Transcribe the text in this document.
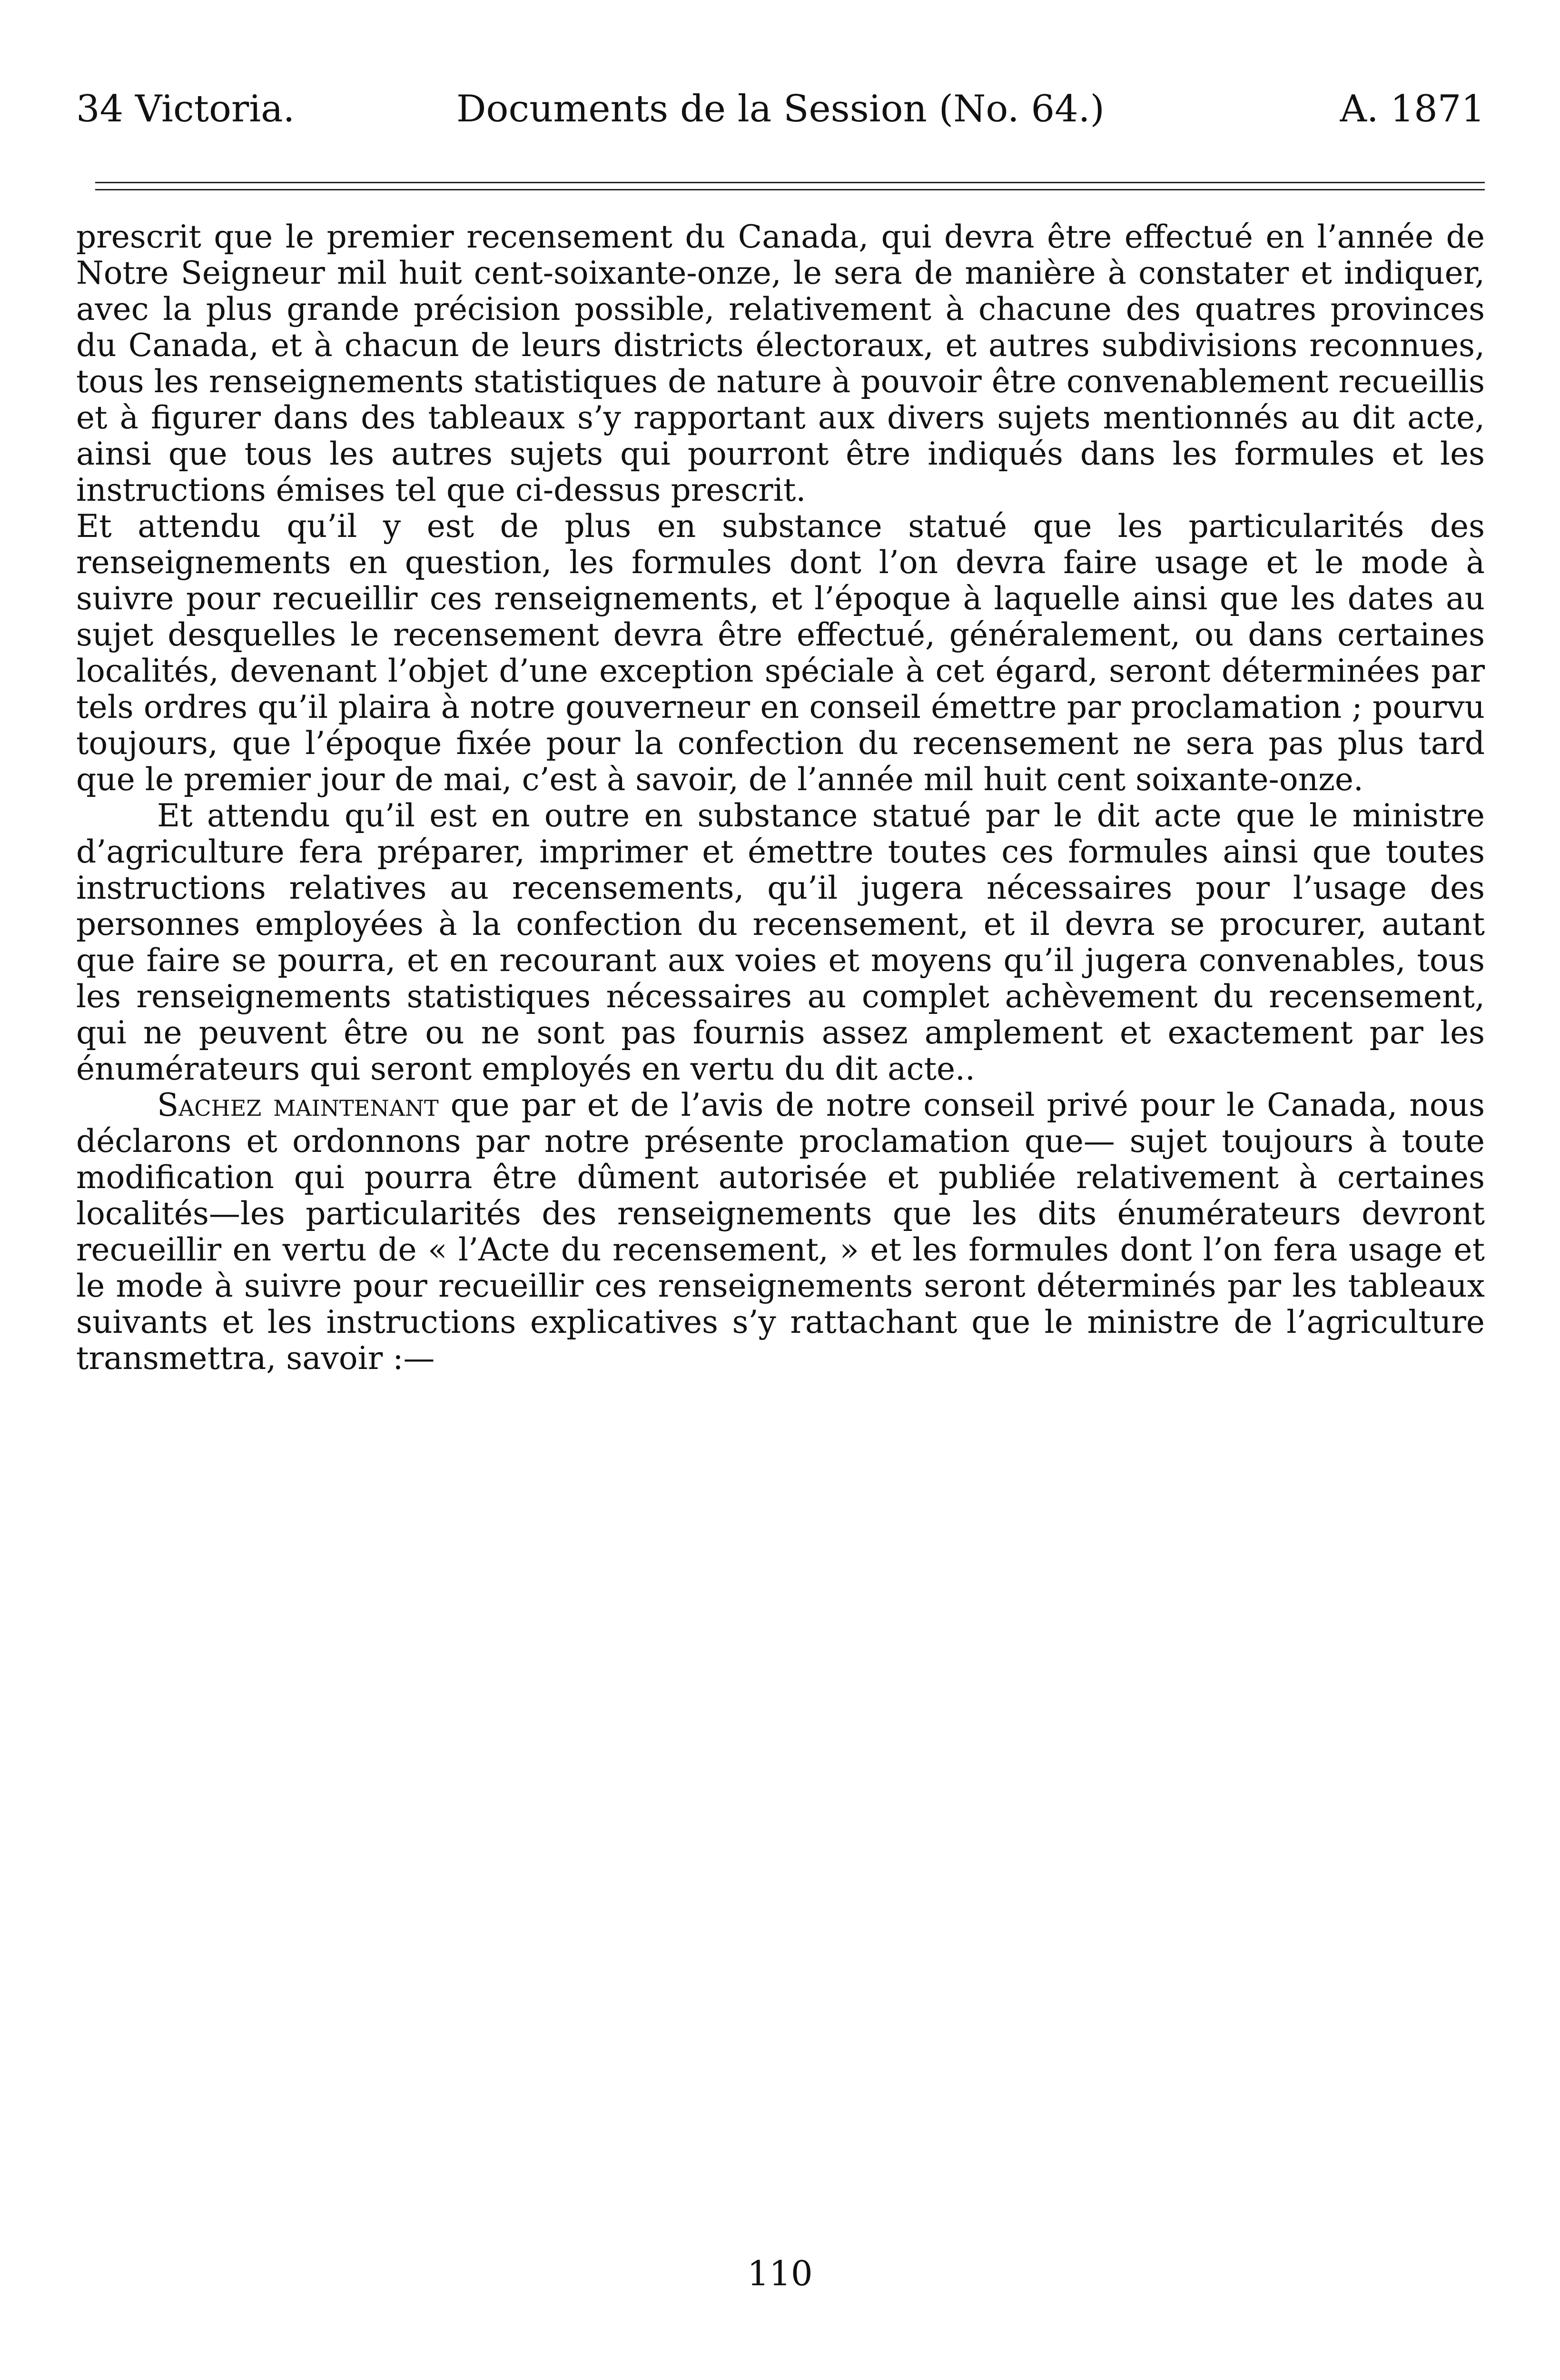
34 Victoria.	Documents de la Session (No. 64.)	A. 1871

prescrit que le premier recensement du Canada, qui devra être effectué en l’année de Notre Seigneur mil huit cent-soixante-onze, le sera de manière à constater et indiquer, avec la plus grande précision possible, relativement à chacune des quatres provinces du Canada, et à chacun de leurs districts électoraux, et autres subdivisions reconnues, tous les renseignements statistiques de nature à pouvoir être convenablement recueillis et à figurer dans des tableaux s’y rapportant aux divers sujets mentionnés au dit acte, ainsi que tous les autres sujets qui pourront être indiqués dans les formules et les instructions émises tel que ci-dessus prescrit.

Et attendu qu’il y est de plus en substance statué que les particularités des renseignements en question, les formules dont l’on devra faire usage et le mode à suivre pour recueillir ces renseignements, et l’époque à laquelle ainsi que les dates au sujet desquelles le recensement devra être effectué, généralement, ou dans certaines localités, devenant l’objet d’une exception spéciale à cet égard, seront déterminées par tels ordres qu’il plaira à notre gouverneur en conseil émettre par proclamation ; pourvu toujours, que l’époque fixée pour la confection du recensement ne sera pas plus tard que le premier jour de mai, c’est à savoir, de l’année mil huit cent soixante-onze.

Et attendu qu’il est en outre en substance statué par le dit acte que le ministre d’agriculture fera préparer, imprimer et émettre toutes ces formules ainsi que toutes instructions relatives au recensements, qu’il jugera nécessaires pour l’usage des personnes employées à la confection du recensement, et il devra se procurer, autant que faire se pourra, et en recourant aux voies et moyens qu’il jugera convenables, tous les renseignements statistiques nécessaires au complet achèvement du recensement, qui ne peuvent être ou ne sont pas fournis assez amplement et exactement par les énumérateurs qui seront employés en vertu du dit acte..

Sachez maintenant que par et de l’avis de notre conseil privé pour le Canada, nous déclarons et ordonnons par notre présente proclamation que— sujet toujours à toute modification qui pourra être dûment autorisée et publiée relativement à certaines localités—les particularités des renseignements que les dits énumérateurs devront recueillir en vertu de « l’Acte du recensement, » et les formules dont l’on fera usage et le mode à suivre pour recueillir ces renseignements seront déterminés par les tableaux suivants et les instructions explicatives s’y rattachant que le ministre de l’agriculture transmettra, savoir :—

110
